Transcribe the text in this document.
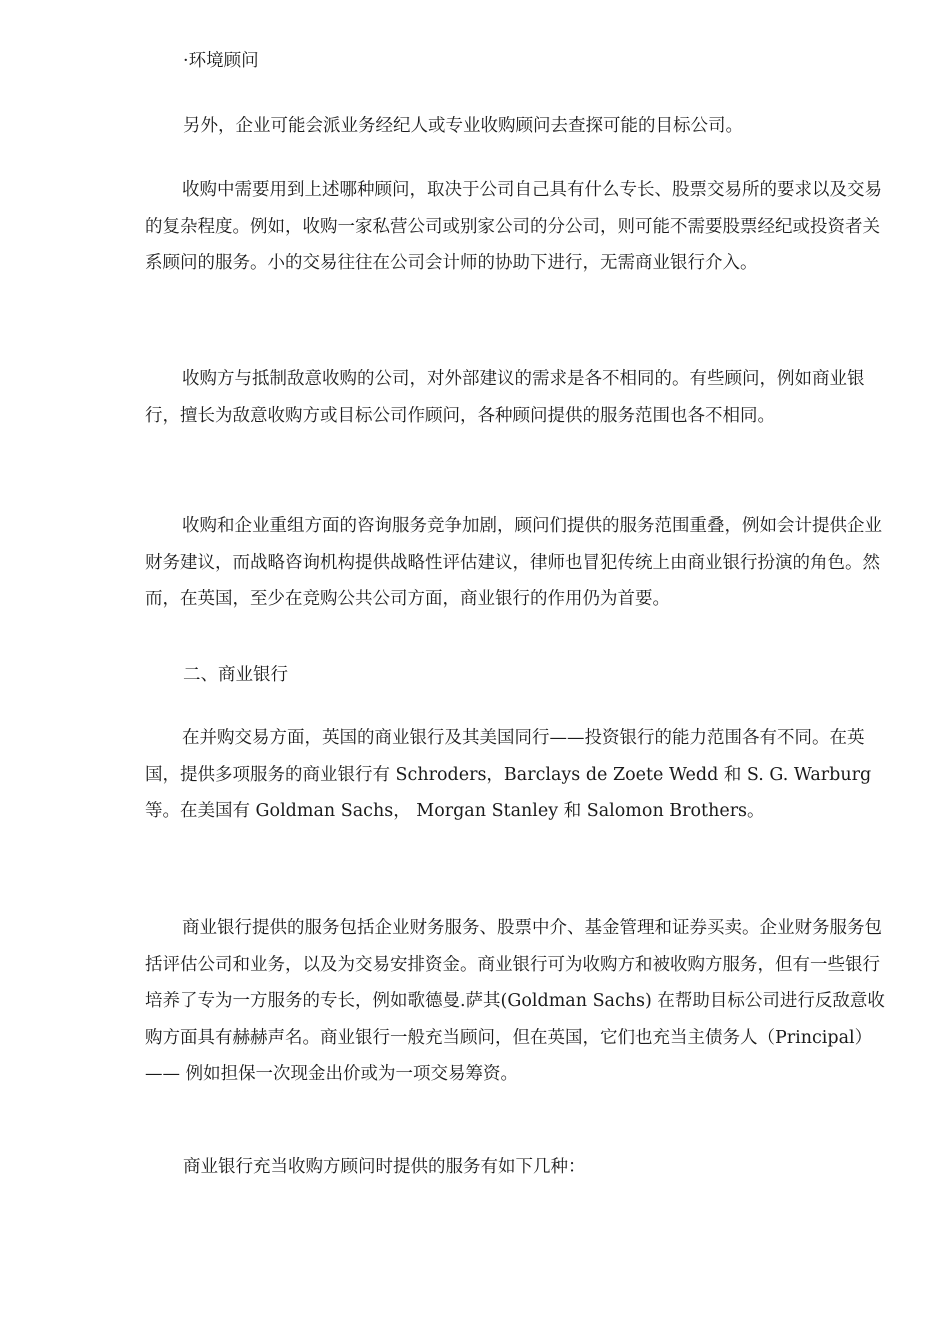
·环境顾问

另外，企业可能会派业务经纪人或专业收购顾问去查探可能的目标公司。

收购中需要用到上述哪种顾问，取决于公司自己具有什么专长、股票交易所的要求以及交易的复杂程度。例如，收购一家私营公司或别家公司的分公司，则可能不需要股票经纪或投资者关系顾问的服务。小的交易往往在公司会计师的协助下进行，无需商业银行介入。

收购方与抵制敌意收购的公司，对外部建议的需求是各不相同的。有些顾问，例如商业银行，擅长为敌意收购方或目标公司作顾问，各种顾问提供的服务范围也各不相同。

收购和企业重组方面的咨询服务竞争加剧，顾问们提供的服务范围重叠，例如会计提供企业财务建议，而战略咨询机构提供战略性评估建议，律师也冒犯传统上由商业银行扮演的角色。然而，在英国，至少在竞购公共公司方面，商业银行的作用仍为首要。

二、商业银行

在并购交易方面，英国的商业银行及其美国同行——投资银行的能力范围各有不同。在英国，提供多项服务的商业银行有 Schroders，Barclays de Zoete Wedd 和 S. G. Warburg 等。在美国有 Goldman Sachs， Morgan Stanley 和 Salomon Brothers。

商业银行提供的服务包括企业财务服务、股票中介、基金管理和证券买卖。企业财务服务包括评估公司和业务，以及为交易安排资金。商业银行可为收购方和被收购方服务，但有一些银行培养了专为一方服务的专长，例如歌德曼.萨其(Goldman Sachs) 在帮助目标公司进行反敌意收购方面具有赫赫声名。商业银行一般充当顾问，但在英国，它们也充当主债务人（Principal）—— 例如担保一次现金出价或为一项交易筹资。

商业银行充当收购方顾问时提供的服务有如下几种：
